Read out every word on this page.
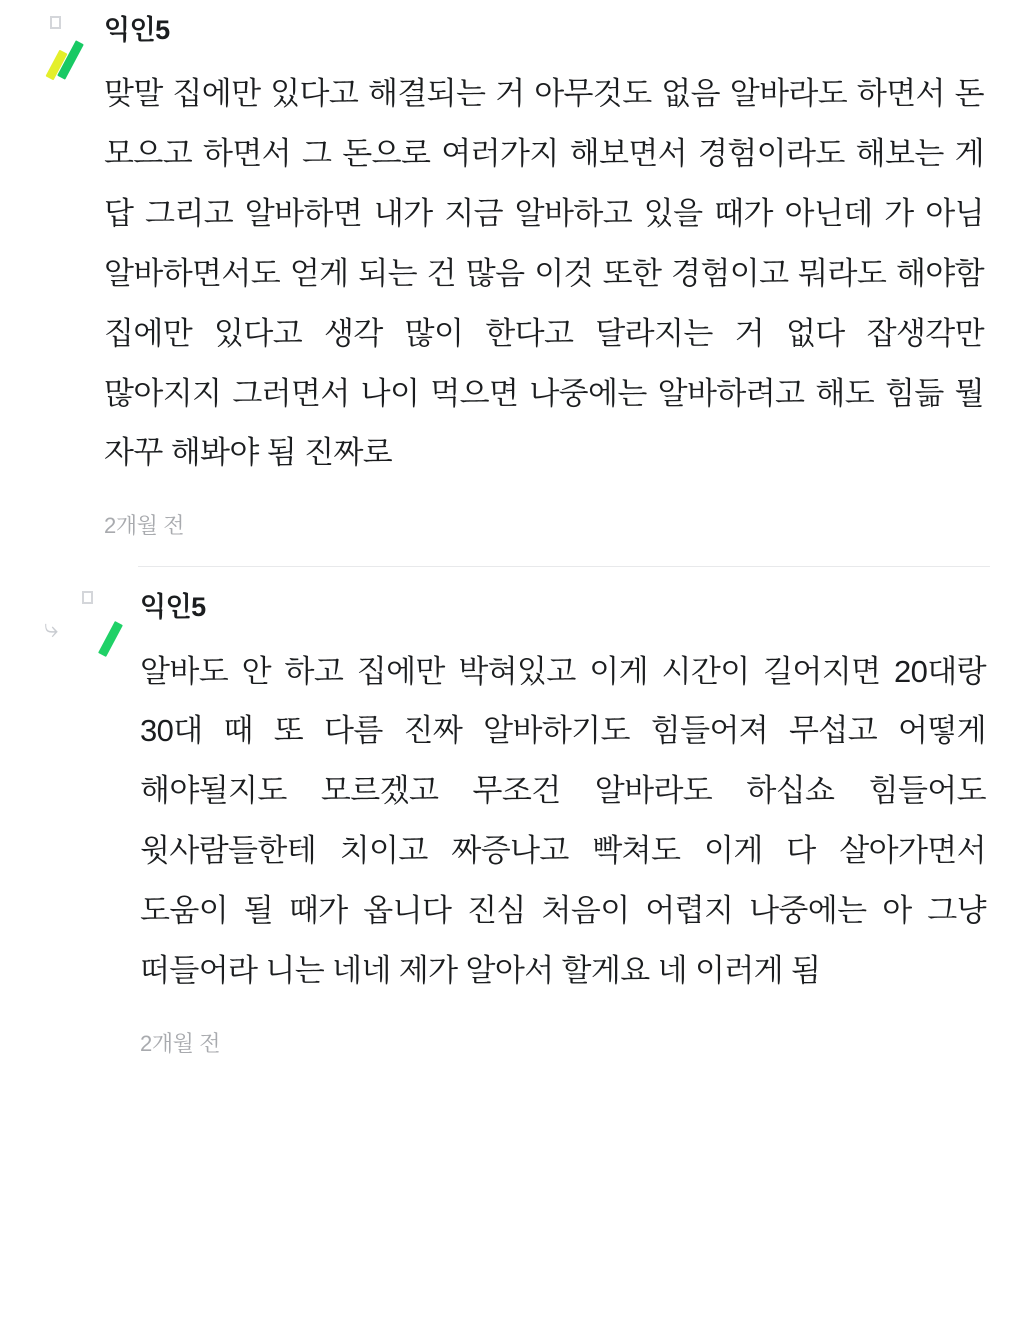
익인5
맞말 집에만 있다고 해결되는 거 아무것도 없음 알바라도 하면서 돈 모으고 하면서 그 돈으로 여러가지 해보면서 경험이라도 해보는 게 답 그리고 알바하면 내가 지금 알바하고 있을 때가 아닌데 가 아님 알바하면서도 얻게 되는 건 많음 이것 또한 경험이고 뭐라도 해야함 집에만 있다고 생각 많이 한다고 달라지는 거 없다 잡생각만 많아지지 그러면서 나이 먹으면 나중에는 알바하려고 해도 힘듦 뭘 자꾸 해봐야 됨 진짜로
2개월 전
⤷
익인5
알바도 안 하고 집에만 박혀있고 이게 시간이 길어지면 20대랑 30대 때 또 다름 진짜 알바하기도 힘들어져 무섭고 어떻게 해야될지도 모르겠고 무조건 알바라도 하십쇼 힘들어도 윗사람들한테 치이고 짜증나고 빡쳐도 이게 다 살아가면서 도움이 될 때가 옵니다 진심 처음이 어렵지 나중에는 아 그냥 떠들어라 니는 네네 제가 알아서 할게요 네 이러게 됨
2개월 전
